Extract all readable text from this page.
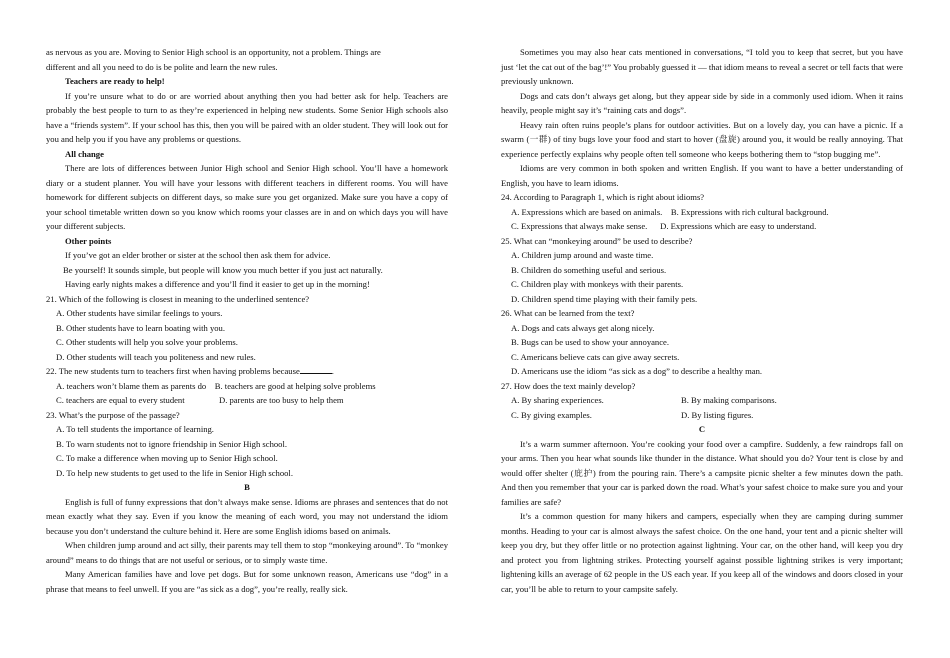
as nervous as you are. Moving to Senior High school is an opportunity, not a problem. Things are
different and all you need to do is be polite and learn the new rules.
Teachers are ready to help!

If you’re unsure what to do or are worried about anything then you had better ask for help. Teachers are probably the best people to turn to as they’re experienced in helping new students. Some Senior High schools also have a “friends system”. If your school has this, then you will be paired with an older student. They will look out for you and help you if you have any problems or questions.

All change

There are lots of differences between Junior High school and Senior High school. You’ll have a homework diary or a student planner. You will have your lessons with different teachers in different rooms. You will have homework for different subjects on different days, so make sure you get organized. Make sure you have a copy of your school timetable written down so you know which rooms your classes are in and on which days you will have your different subjects.

Other points
If you’ve got an elder brother or sister at the school then ask them for advice.
Be yourself! It sounds simple, but people will know you much better if you just act naturally.
Having early nights makes a difference and you’ll find it easier to get up in the morning!
21. Which of the following is closest in meaning to the underlined sentence?
A. Other students have similar feelings to yours.
B. Other students have to learn boating with you.
C. Other students will help you solve your problems.
D. Other students will teach you politeness and new rules.
22. The new students turn to teachers first when having problems because	.
A. teachers won’t blame them as parents do B. teachers are good at helping solve problems
C. teachers are equal to every student	D. parents are too busy to help them
23. What’s the purpose of the passage?
A. To tell students the importance of learning.
B. To warn students not to ignore friendship in Senior High school.
C. To make a difference when moving up to Senior High school.
D. To help new students to get used to the life in Senior High school.
B

English is full of funny expressions that don’t always make sense. Idioms are phrases and sentences that do not mean exactly what they say. Even if you know the meaning of each word, you may not understand the idiom because you don’t understand the culture behind it. Here are some English idioms based on animals.

When children jump around and act silly, their parents may tell them to stop “monkeying around”. To “monkey around” means to do things that are not useful or serious, or to simply waste time.

Many American families have and love pet dogs. But for some unknown reason, Americans use “dog” in a phrase that means to feel unwell. If you are “as sick as a dog”, you’re really, really sick.

Sometimes you may also hear cats mentioned in conversations, “I told you to keep that secret, but you have just ‘let the cat out of the bag’!” You probably guessed it — that idiom means to reveal a secret or tell facts that were previously unknown.

Dogs and cats don’t always get along, but they appear side by side in a commonly used idiom. When it rains heavily, people might say it’s “raining cats and dogs”.

Heavy rain often ruins people’s plans for outdoor activities. But on a lovely day, you can have a picnic. If a swarm (一群) of tiny bugs love your food and start to hover (盘旋) around you, it would be really annoying. That experience perfectly explains why people often tell someone who keeps bothering them to “stop bugging me”.

Idioms are very common in both spoken and written English. If you want to have a better understanding of English, you have to learn idioms.

24. According to Paragraph 1, which is right about idioms?
A. Expressions which are based on animals. B. Expressions with rich cultural background.
C. Expressions that always make sense. D. Expressions which are easy to understand.
25. What can “monkeying around” be used to describe?
A. Children jump around and waste time.
B. Children do something useful and serious.
C. Children play with monkeys with their parents.
D. Children spend time playing with their family pets.
26. What can be learned from the text?
A. Dogs and cats always get along nicely.
B. Bugs can be used to show your annoyance.
C. Americans believe cats can give away secrets.
D. Americans use the idiom “as sick as a dog” to describe a healthy man.
27. How does the text mainly develop?
A. By sharing experiences.	B. By making comparisons.
C. By giving examples.	D. By listing figures.
C

It’s a warm summer afternoon. You’re cooking your food over a campfire. Suddenly, a few raindrops fall on your arms. Then you hear what sounds like thunder in the distance. What should you do? Your tent is close by and would offer shelter (庇护) from the pouring rain. There’s a campsite picnic shelter a few minutes down the path. And then you remember that your car is parked down the road. What’s your safest choice to make sure you and your families are safe?

It’s a common question for many hikers and campers, especially when they are camping during summer months. Heading to your car is almost always the safest choice. On the one hand, your tent and a picnic shelter will keep you dry, but they offer little or no protection against lightning. Your car, on the other hand, will keep you dry and protect you from lightning strikes. Protecting yourself against possible lightning strikes is very important; lightening kills an average of 62 people in the US each year. If you keep all of the windows and doors closed in your car, you’ll be able to return to your campsite safely.
